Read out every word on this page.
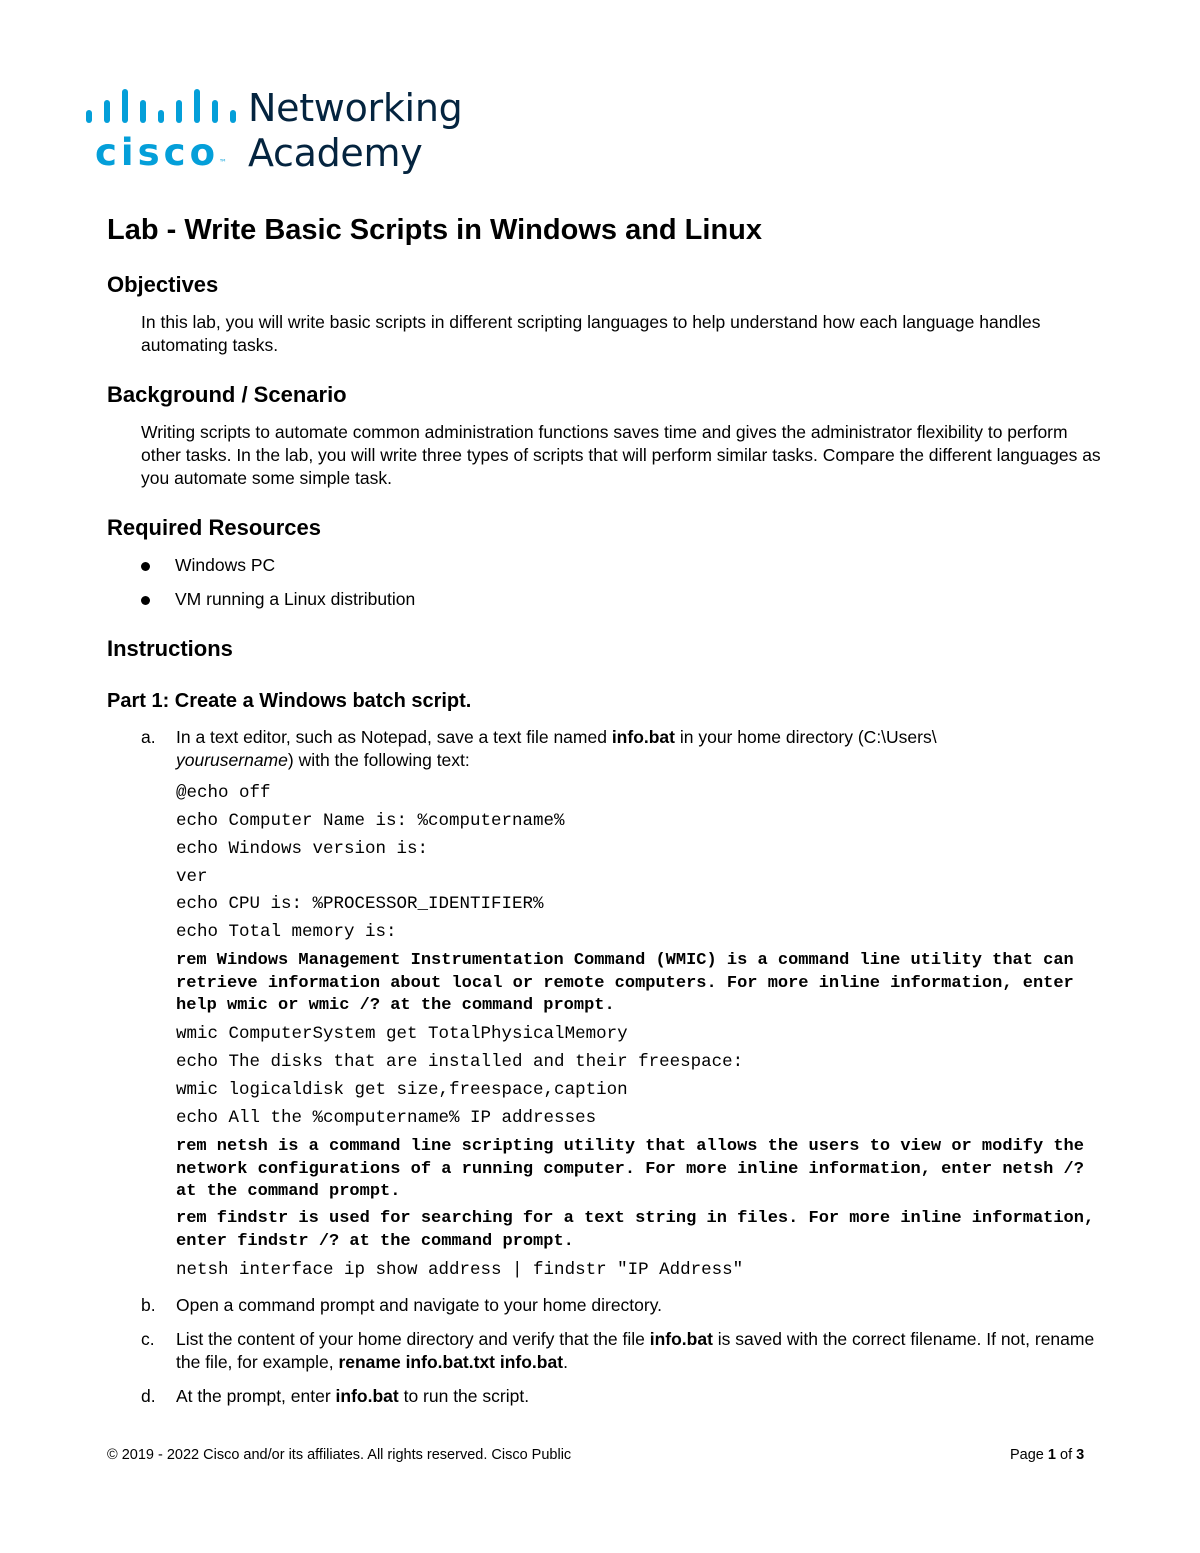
cisco™
Networking
Academy
Lab - Write Basic Scripts in Windows and Linux
Objectives
In this lab, you will write basic scripts in different scripting languages to help understand how each language handles automating tasks.
Background / Scenario
Writing scripts to automate common administration functions saves time and gives the administrator flexibility to perform other tasks. In the lab, you will write three types of scripts that will perform similar tasks. Compare the different languages as you automate some simple task.
Required Resources
Windows PC
VM running a Linux distribution
Instructions
Part 1: Create a Windows batch script.
a. In a text editor, such as Notepad, save a text file named info.bat in your home directory (C:\Users\
yourusername) with the following text:
@echo off
echo Computer Name is: %computername%
echo Windows version is:
ver
echo CPU is: %PROCESSOR_IDENTIFIER%
echo Total memory is:
rem Windows Management Instrumentation Command (WMIC) is a command line utility that can retrieve information about local or remote computers. For more inline information, enter help wmic or wmic /? at the command prompt.
wmic ComputerSystem get TotalPhysicalMemory
echo The disks that are installed and their freespace:
wmic logicaldisk get size,freespace,caption
echo All the %computername% IP addresses
rem netsh is a command line scripting utility that allows the users to view or modify the network configurations of a running computer. For more inline information, enter netsh /? at the command prompt.
rem findstr is used for searching for a text string in files. For more inline information, enter findstr /? at the command prompt.
netsh interface ip show address | findstr "IP Address"
b. Open a command prompt and navigate to your home directory.
c. List the content of your home directory and verify that the file info.bat is saved with the correct filename. If not, rename the file, for example, rename info.bat.txt info.bat.
d. At the prompt, enter info.bat to run the script.
© 2019 - 2022 Cisco and/or its affiliates. All rights reserved. Cisco Public	Page 1 of 3
